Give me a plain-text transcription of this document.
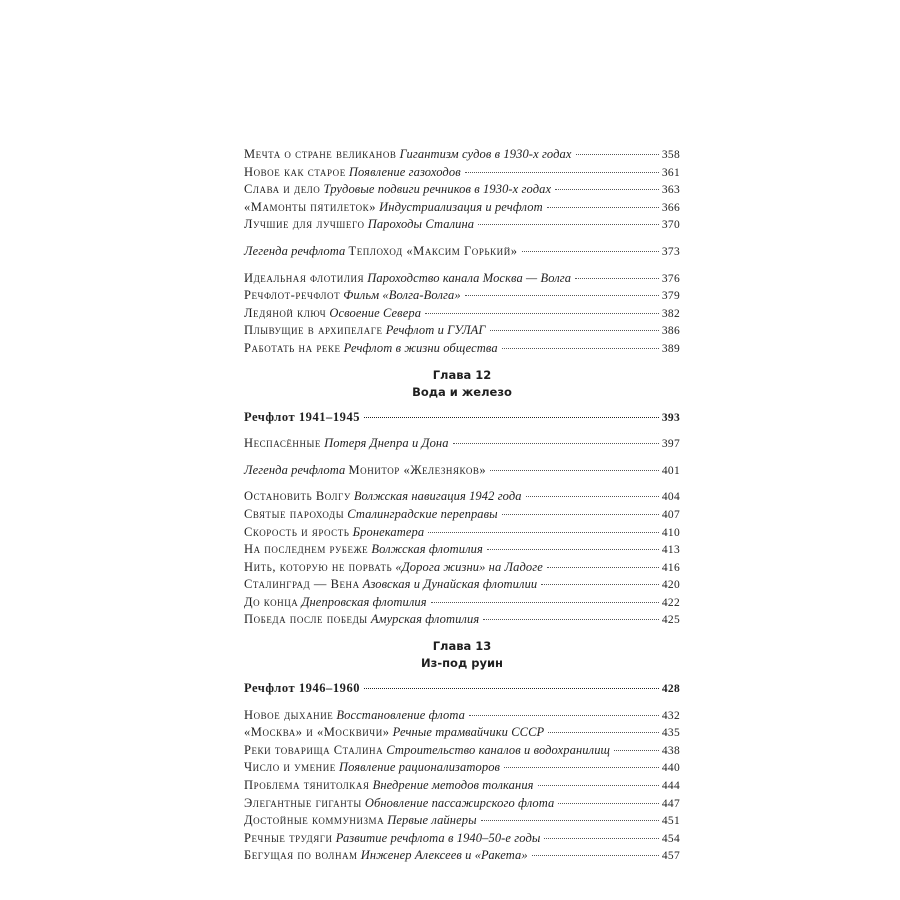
Мечта о стране великанов
Гигантизм судов в 1930-х годах	358
Новое как старое
Появление газоходов	361
Слава и дело
Трудовые подвиги речников в 1930-х годах	363
«Мамонты пятилеток»
Индустриализация и речфлот	366
Лучшие для лучшего
Пароходы Сталина	370
Легенда речфлота
Теплоход «Максим Горький»	373
Идеальная флотилия
Пароходство канала Москва — Волга	376
Речфлот-речфлот
Фильм «Волга-Волга»	379
Ледяной ключ
Освоение Севера	382
Плывущие в архипелаге
Речфлот и ГУЛАГ	386
Работать на реке
Речфлот в жизни общества	389
Глава 12
Вода и железо
Речфлот 1941–1945	393
Неспасённые
Потеря Днепра и Дона	397
Легенда речфлота
Монитор «Железняков»	401
Остановить Волгу
Волжская навигация 1942 года	404
Святые пароходы
Сталинградские переправы	407
Скорость и ярость
Бронекатера	410
На последнем рубеже
Волжская флотилия	413
Нить, которую не порвать
«Дорога жизни» на Ладоге	416
Сталинград — Вена
Азовская и Дунайская флотилии	420
До конца
Днепровская флотилия	422
Победа после победы
Амурская флотилия	425
Глава 13
Из-под руин
Речфлот 1946–1960	428
Новое дыхание
Восстановление флота	432
«Москва» и «Москвичи»
Речные трамвайчики СССР	435
Реки товарища Сталина
Строительство каналов и водохранилищ	438
Число и умение
Появление рационализаторов	440
Проблема тянитолкая
Внедрение методов толкания	444
Элегантные гиганты
Обновление пассажирского флота	447
Достойные коммунизма
Первые лайнеры	451
Речные трудяги
Развитие речфлота в 1940–50-е годы	454
Бегущая по волнам
Инженер Алексеев и «Ракета»	457
